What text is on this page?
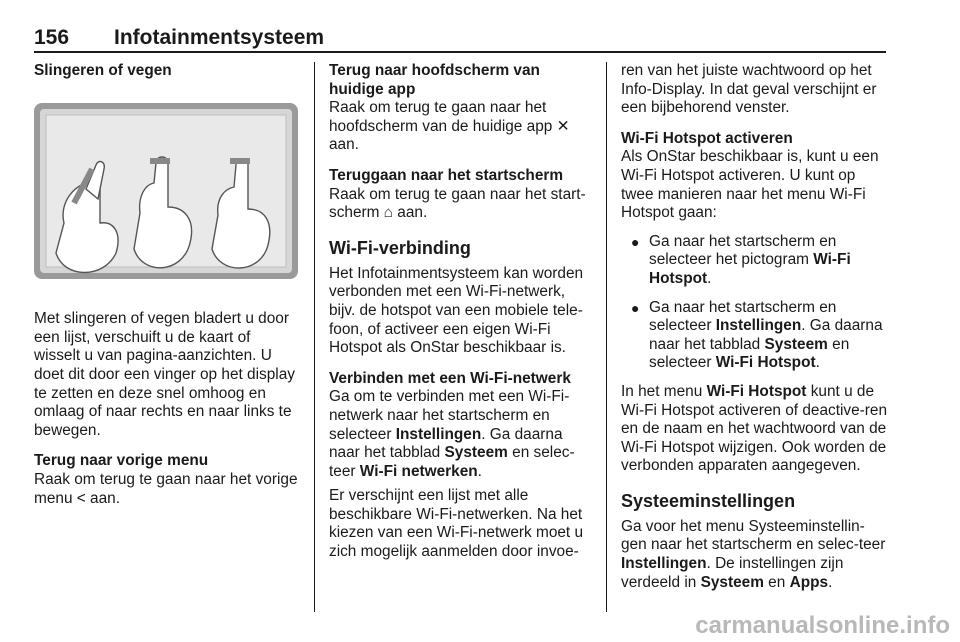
156 Infotainmentsysteem

Slingeren of vegen

Met slingeren of vegen bladert u door een lijst, verschuift u de kaart of wisselt u van pagina-aanzichten. U doet dit door een vinger op het display te zetten en deze snel omhoog en omlaag of naar rechts en naar links te bewegen.

Terug naar vorige menu

Raak om terug te gaan naar het vorige menu < aan.

Terug naar hoofdscherm van huidige app

Raak om terug te gaan naar het hoofdscherm van de huidige app ✕ aan.

Teruggaan naar het startscherm

Raak om terug te gaan naar het start-scherm ⌂ aan.

Wi-Fi-verbinding

Het Infotainmentsysteem kan worden verbonden met een Wi-Fi-netwerk, bijv. de hotspot van een mobiele tele-foon, of activeer een eigen Wi-Fi Hotspot als OnStar beschikbaar is.

Verbinden met een Wi-Fi-netwerk

Ga om te verbinden met een Wi-Fi-netwerk naar het startscherm en selecteer Instellingen. Ga daarna naar het tabblad Systeem en selec-teer Wi-Fi netwerken.

Er verschijnt een lijst met alle beschikbare Wi-Fi-netwerken. Na het kiezen van een Wi-Fi-netwerk moet u zich mogelijk aanmelden door invoe-

ren van het juiste wachtwoord op het Info-Display. In dat geval verschijnt er een bijbehorend venster.

Wi-Fi Hotspot activeren

Als OnStar beschikbaar is, kunt u een Wi-Fi Hotspot activeren. U kunt op twee manieren naar het menu Wi-Fi Hotspot gaan:

● Ga naar het startscherm en selecteer het pictogram Wi-Fi Hotspot.
● Ga naar het startscherm en selecteer Instellingen. Ga daarna naar het tabblad Systeem en selecteer Wi-Fi Hotspot.

In het menu Wi-Fi Hotspot kunt u de Wi-Fi Hotspot activeren of deactive-ren en de naam en het wachtwoord van de Wi-Fi Hotspot wijzigen. Ook worden de verbonden apparaten aangegeven.

Systeeminstellingen

Ga voor het menu Systeeminstellin-gen naar het startscherm en selec-teer Instellingen. De instellingen zijn verdeeld in Systeem en Apps.

carmanualsonline.info
